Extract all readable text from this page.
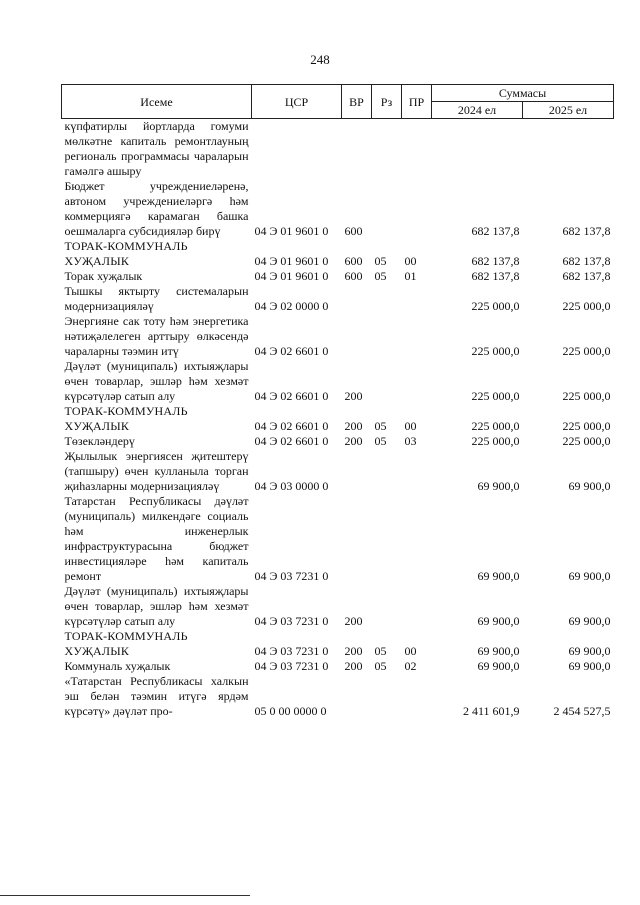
248
Исеме	ЦСР	ВР	Рз	ПР	Суммасы	
					2024 ел	2025 ел
күпфатирлы йортларда гомуми мөлкәтне капиталь ремонтлауның региональ программасы чараларын гамәлгә ашыру						
Бюджет учреждениеләренә, автоном учреждениеләргә һәм коммерциягә карамаган башка оешмаларга субсидияләр бирү	04 Э 01 9601 0	600			682 137,8	682 137,8
ТОРАК-КОММУНАЛЬ ХУҖАЛЫК	04 Э 01 9601 0	600	05	00	682 137,8	682 137,8
Торак хуҗалык	04 Э 01 9601 0	600	05	01	682 137,8	682 137,8
Тышкы яктырту системаларын модернизацияләү	04 Э 02 0000 0				225 000,0	225 000,0
Энергияне сак тоту һәм энергетика нәтиҗәлелеген арттыру өлкәсендә чараларны тәэмин итү	04 Э 02 6601 0				225 000,0	225 000,0
Дәүләт (муниципаль) ихтыяҗлары өчен товарлар, эшләр һәм хезмәт күрсәтүләр сатып алу	04 Э 02 6601 0	200			225 000,0	225 000,0
ТОРАК-КОММУНАЛЬ ХУҖАЛЫК	04 Э 02 6601 0	200	05	00	225 000,0	225 000,0
Төзекләндерү	04 Э 02 6601 0	200	05	03	225 000,0	225 000,0
Җылылык энергиясен җитештерү (тапшыру) өчен кулланыла торган җиһазларны модернизацияләү	04 Э 03 0000 0				69 900,0	69 900,0
Татарстан Республикасы дәүләт (муниципаль) милкендәге социаль һәм инженерлык инфраструктурасына бюджет инвестицияләре һәм капиталь ремонт	04 Э 03 7231 0				69 900,0	69 900,0
Дәүләт (муниципаль) ихтыяҗлары өчен товарлар, эшләр һәм хезмәт күрсәтүләр сатып алу	04 Э 03 7231 0	200			69 900,0	69 900,0
ТОРАК-КОММУНАЛЬ ХУҖАЛЫК	04 Э 03 7231 0	200	05	00	69 900,0	69 900,0
Коммуналь хуҗалык	04 Э 03 7231 0	200	05	02	69 900,0	69 900,0
«Татарстан Республикасы халкын эш белән тәэмин итүгә ярдәм күрсәтү» дәүләт про-	05 0 00 0000 0				2 411 601,9	2 454 527,5
